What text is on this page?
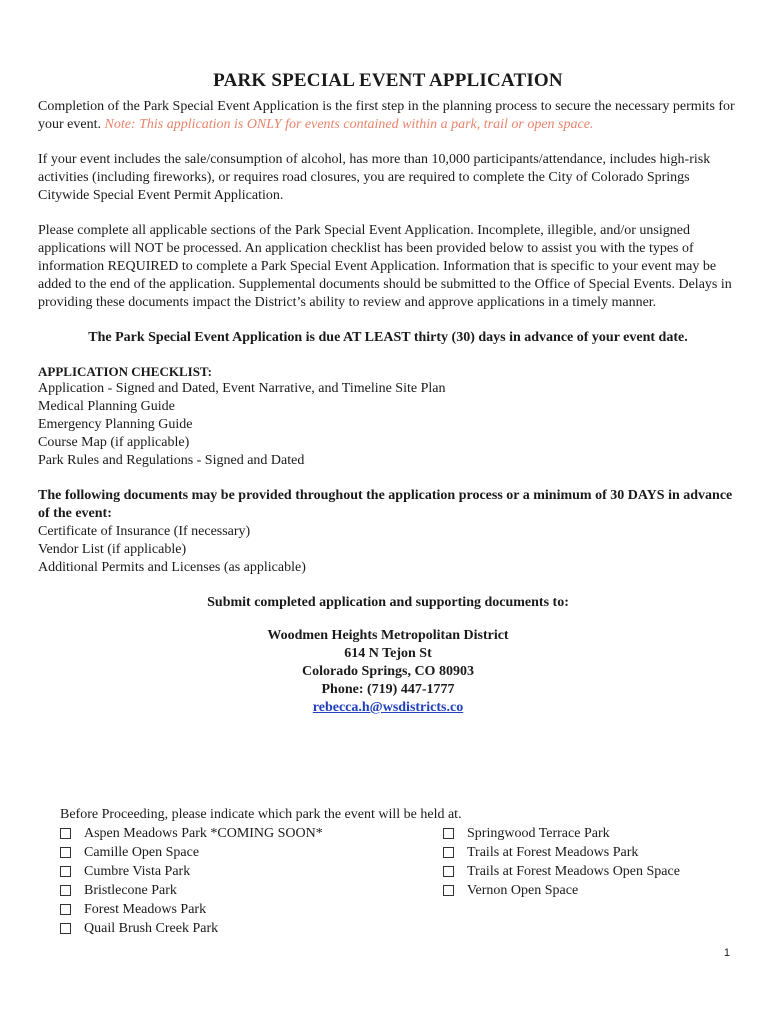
PARK SPECIAL EVENT APPLICATION

Completion of the Park Special Event Application is the first step in the planning process to secure the necessary permits for your event. Note: This application is ONLY for events contained within a park, trail or open space.

If your event includes the sale/consumption of alcohol, has more than 10,000 participants/attendance, includes high-risk activities (including fireworks), or requires road closures, you are required to complete the City of Colorado Springs Citywide Special Event Permit Application.

Please complete all applicable sections of the Park Special Event Application. Incomplete, illegible, and/or unsigned applications will NOT be processed. An application checklist has been provided below to assist you with the types of information REQUIRED to complete a Park Special Event Application. Information that is specific to your event may be added to the end of the application. Supplemental documents should be submitted to the Office of Special Events. Delays in providing these documents impact the District’s ability to review and approve applications in a timely manner.

The Park Special Event Application is due AT LEAST thirty (30) days in advance of your event date.

APPLICATION CHECKLIST:
Application - Signed and Dated, Event Narrative, and Timeline Site Plan
Medical Planning Guide
Emergency Planning Guide
Course Map (if applicable)
Park Rules and Regulations - Signed and Dated

The following documents may be provided throughout the application process or a minimum of 30 DAYS in advance of the event:

Certificate of Insurance (If necessary)
Vendor List (if applicable)
Additional Permits and Licenses (as applicable)

Submit completed application and supporting documents to:

Woodmen Heights Metropolitan District
614 N Tejon St
Colorado Springs, CO 80903
Phone: (719) 447-1777
rebecca.h@wsdistricts.co
Before Proceeding, please indicate which park the event will be held at.
Aspen Meadows Park *COMING SOON*
Camille Open Space
Cumbre Vista Park
Bristlecone Park
Forest Meadows Park
Quail Brush Creek Park
Springwood Terrace Park
Trails at Forest Meadows Park
Trails at Forest Meadows Open Space
Vernon Open Space
1
